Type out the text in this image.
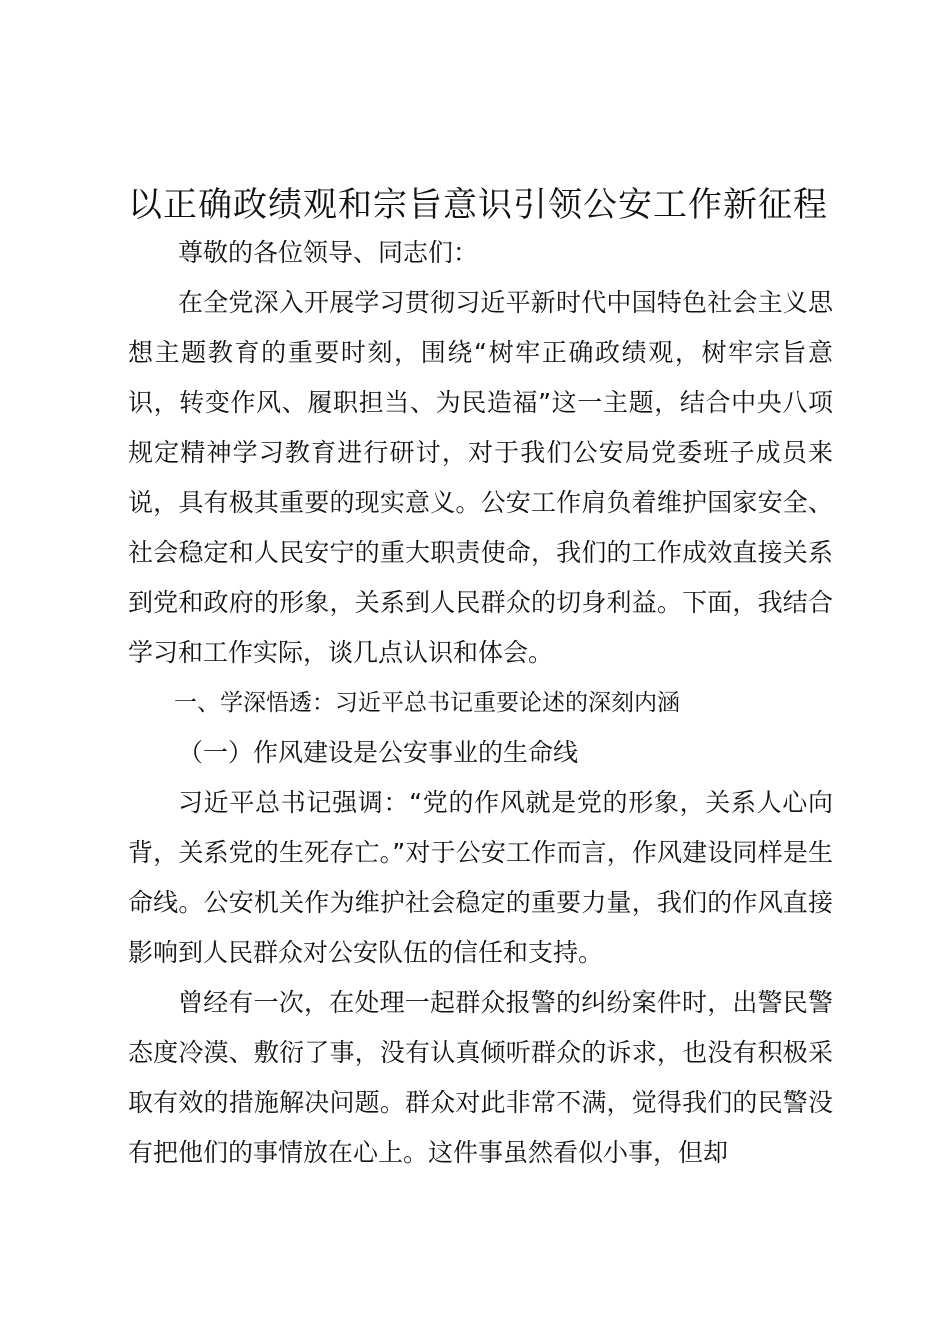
以正确政绩观和宗旨意识引领公安工作新征程

尊敬的各位领导、同志们：

在全党深入开展学习贯彻习近平新时代中国特色社会主义思想主题教育的重要时刻，围绕“树牢正确政绩观，树牢宗旨意识，转变作风、履职担当、为民造福”这一主题，结合中央八项规定精神学习教育进行研讨，对于我们公安局党委班子成员来说，具有极其重要的现实意义。公安工作肩负着维护国家安全、社会稳定和人民安宁的重大职责使命，我们的工作成效直接关系到党和政府的形象，关系到人民群众的切身利益。下面，我结合学习和工作实际，谈几点认识和体会。

一、学深悟透：习近平总书记重要论述的深刻内涵

（一）作风建设是公安事业的生命线

习近平总书记强调：“党的作风就是党的形象，关系人心向背，关系党的生死存亡。”对于公安工作而言，作风建设同样是生命线。公安机关作为维护社会稳定的重要力量，我们的作风直接影响到人民群众对公安队伍的信任和支持。

曾经有一次，在处理一起群众报警的纠纷案件时，出警民警态度冷漠、敷衍了事，没有认真倾听群众的诉求，也没有积极采取有效的措施解决问题。群众对此非常不满，觉得我们的民警没有把他们的事情放在心上。这件事虽然看似小事，但却
